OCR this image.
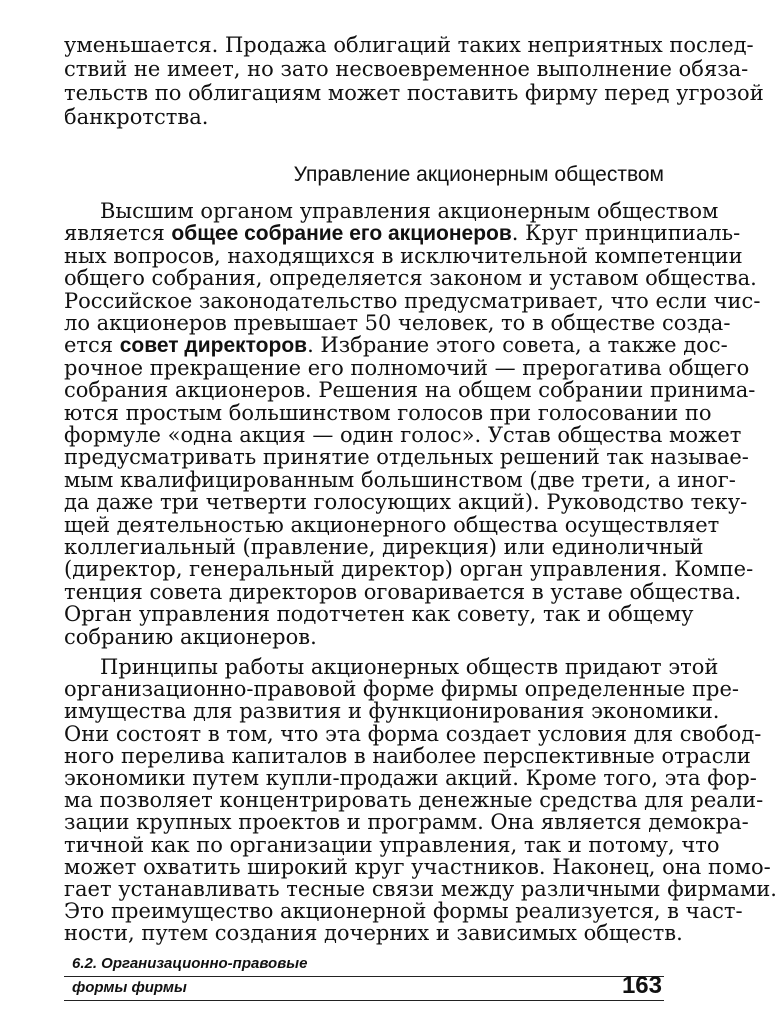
уменьшается. Продажа облигаций таких неприятных послед-
ствий не имеет, но зато несвоевременное выполнение обяза-
тельств по облигациям может поставить фирму перед угрозой
банкротства.
Управление акционерным обществом
Высшим органом управления акционерным обществом
является общее собрание его акционеров. Круг принципиаль-
ных вопросов, находящихся в исключительной компетенции
общего собрания, определяется законом и уставом общества.
Российское законодательство предусматривает, что если чис-
ло акционеров превышает 50 человек, то в обществе созда-
ется совет директоров. Избрание этого совета, а также дос-
рочное прекращение его полномочий — прерогатива общего
собрания акционеров. Решения на общем собрании принима-
ются простым большинством голосов при голосовании по
формуле «одна акция — один голос». Устав общества может
предусматривать принятие отдельных решений так называе-
мым квалифицированным большинством (две трети, а иног-
да даже три четверти голосующих акций). Руководство теку-
щей деятельностью акционерного общества осуществляет
коллегиальный (правление, дирекция) или единоличный
(директор, генеральный директор) орган управления. Компе-
тенция совета директоров оговаривается в уставе общества.
Орган управления подотчетен как совету, так и общему
собранию акционеров.
Принципы работы акционерных обществ придают этой
организационно-правовой форме фирмы определенные пре-
имущества для развития и функционирования экономики.
Они состоят в том, что эта форма создает условия для свобод-
ного перелива капиталов в наиболее перспективные отрасли
экономики путем купли-продажи акций. Кроме того, эта фор-
ма позволяет концентрировать денежные средства для реали-
зации крупных проектов и программ. Она является демокра-
тичной как по организации управления, так и потому, что
может охватить широкий круг участников. Наконец, она помо-
гает устанавливать тесные связи между различными фирмами.
Это преимущество акционерной формы реализуется, в част-
ности, путем создания дочерних и зависимых обществ.
6.2. Организационно-правовые
формы фирмы	163
